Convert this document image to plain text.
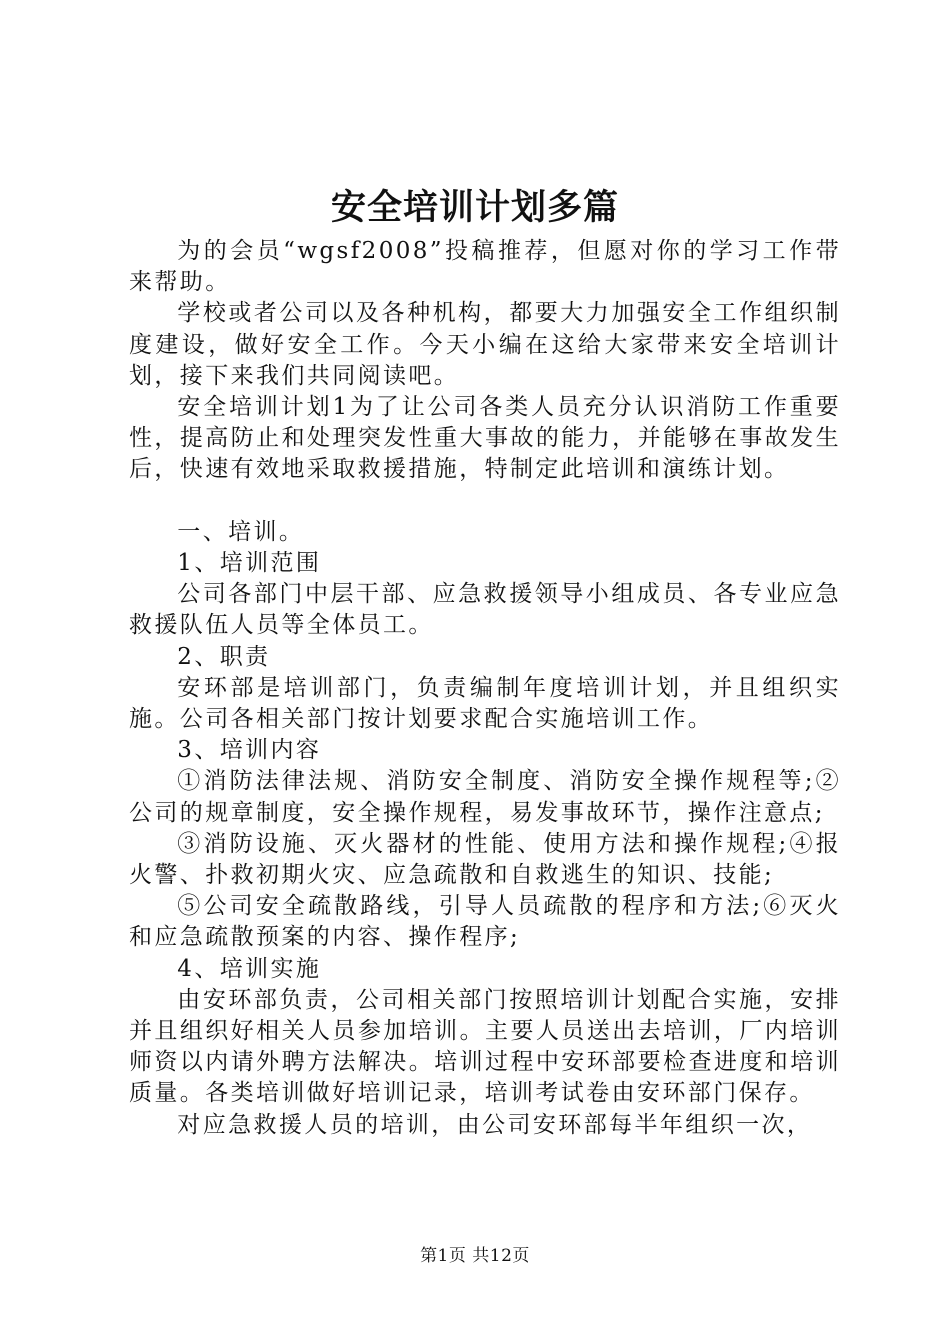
安全培训计划多篇

为的会员“wgsf2008”投稿推荐，但愿对你的学习工作带来帮助。

学校或者公司以及各种机构，都要大力加强安全工作组织制度建设，做好安全工作。今天小编在这给大家带来安全培训计划，接下来我们共同阅读吧。

安全培训计划1为了让公司各类人员充分认识消防工作重要性，提高防止和处理突发性重大事故的能力，并能够在事故发生后，快速有效地采取救援措施，特制定此培训和演练计划。

一、培训。

1、培训范围

公司各部门中层干部、应急救援领导小组成员、各专业应急救援队伍人员等全体员工。

2、职责

安环部是培训部门，负责编制年度培训计划，并且组织实施。公司各相关部门按计划要求配合实施培训工作。

3、培训内容

①消防法律法规、消防安全制度、消防安全操作规程等;②公司的规章制度，安全操作规程，易发事故环节，操作注意点;

③消防设施、灭火器材的性能、使用方法和操作规程;④报火警、扑救初期火灾、应急疏散和自救逃生的知识、技能;

⑤公司安全疏散路线，引导人员疏散的程序和方法;⑥灭火和应急疏散预案的内容、操作程序;

4、培训实施

由安环部负责，公司相关部门按照培训计划配合实施，安排并且组织好相关人员参加培训。主要人员送出去培训，厂内培训师资以内请外聘方法解决。培训过程中安环部要检查进度和培训质量。各类培训做好培训记录，培训考试卷由安环部门保存。

对应急救援人员的培训，由公司安环部每半年组织一次，

第1页 共12页
